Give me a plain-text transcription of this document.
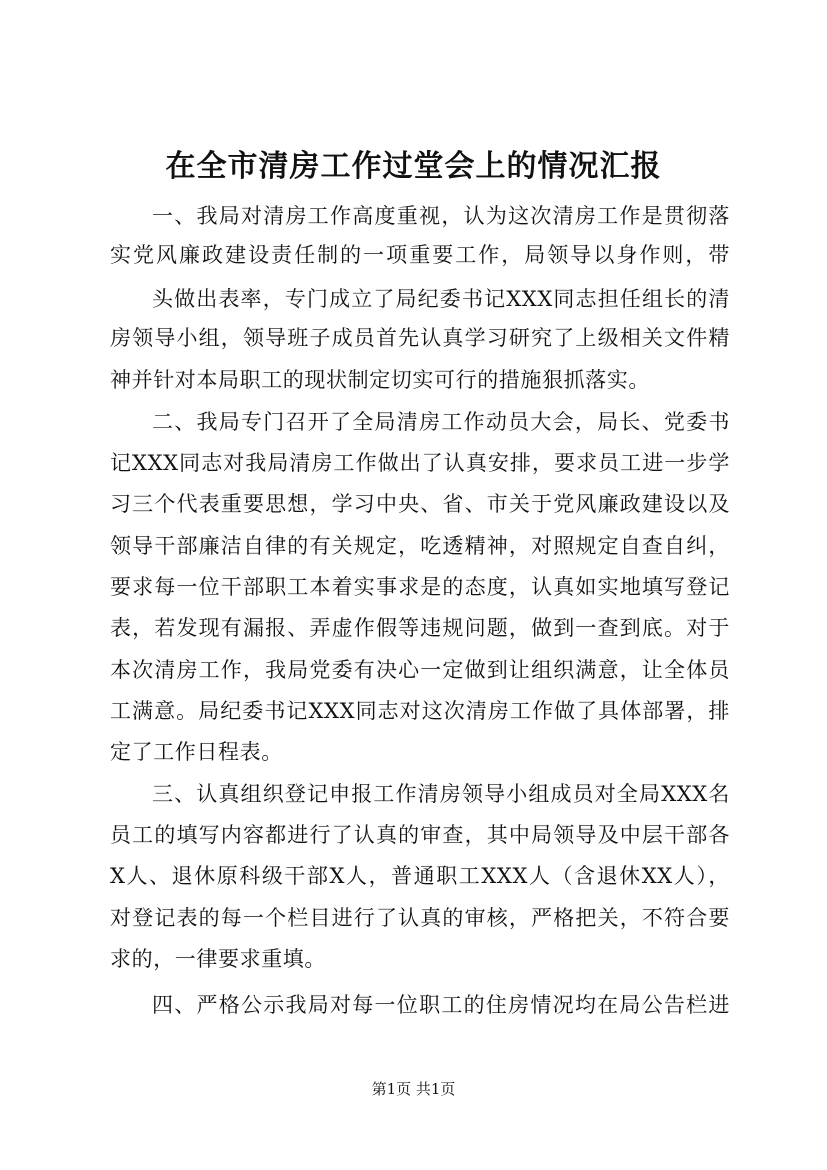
在全市清房工作过堂会上的情况汇报
一、我局对清房工作高度重视，认为这次清房工作是贯彻落
实党风廉政建设责任制的一项重要工作，局领导以身作则，带
头做出表率，专门成立了局纪委书记XXX同志担任组长的清
房领导小组，领导班子成员首先认真学习研究了上级相关文件精
神并针对本局职工的现状制定切实可行的措施狠抓落实。
二、我局专门召开了全局清房工作动员大会，局长、党委书
记XXX同志对我局清房工作做出了认真安排，要求员工进一步学
习三个代表重要思想，学习中央、省、市关于党风廉政建设以及
领导干部廉洁自律的有关规定，吃透精神，对照规定自查自纠，
要求每一位干部职工本着实事求是的态度，认真如实地填写登记
表，若发现有漏报、弄虚作假等违规问题，做到一查到底。对于
本次清房工作，我局党委有决心一定做到让组织满意，让全体员
工满意。局纪委书记XXX同志对这次清房工作做了具体部署，排
定了工作日程表。
三、认真组织登记申报工作清房领导小组成员对全局XXX名
员工的填写内容都进行了认真的审查，其中局领导及中层干部各
X人、退休原科级干部X人，普通职工XXX人（含退休XX人），
对登记表的每一个栏目进行了认真的审核，严格把关，不符合要
求的，一律要求重填。
四、严格公示我局对每一位职工的住房情况均在局公告栏进
第1页 共1页
